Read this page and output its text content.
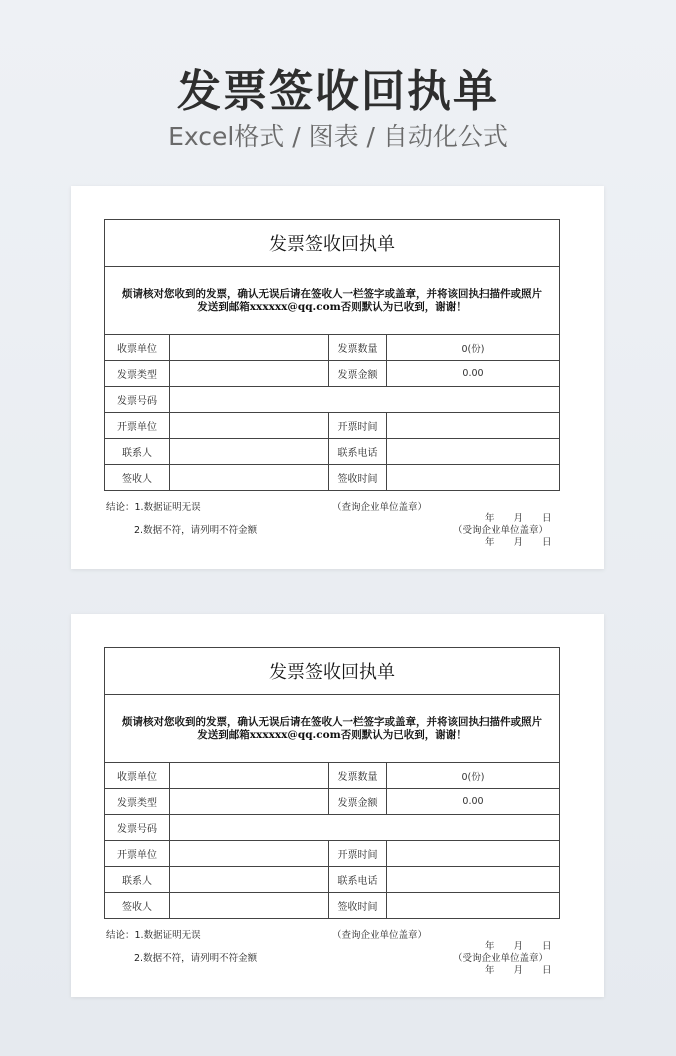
发票签收回执单
Excel格式 / 图表 / 自动化公式
发票签收回执单			

烦请核对您收到的发票，确认无误后请在签收人一栏签字或盖章，并将该回执扫描件或照片
发送到邮箱xxxxxx@qq.com否则默认为已收到，谢谢！			

收票单位		发票数量	0(份)
发票类型		发票金额	0.00
发票号码			
开票单位		开票时间	
联系人		联系电话	
签收人		签收时间	
结论：1.数据证明无误	（查询企业单位盖章）
年　　月　　日
2.数据不符，请列明不符金额	（受询企业单位盖章）
年　　月　　日
发票签收回执单			

烦请核对您收到的发票，确认无误后请在签收人一栏签字或盖章，并将该回执扫描件或照片
发送到邮箱xxxxxx@qq.com否则默认为已收到，谢谢！			

收票单位		发票数量	0(份)
发票类型		发票金额	0.00
发票号码			
开票单位		开票时间	
联系人		联系电话	
签收人		签收时间	
结论：1.数据证明无误	（查询企业单位盖章）
年　　月　　日
2.数据不符，请列明不符金额	（受询企业单位盖章）
年　　月　　日
